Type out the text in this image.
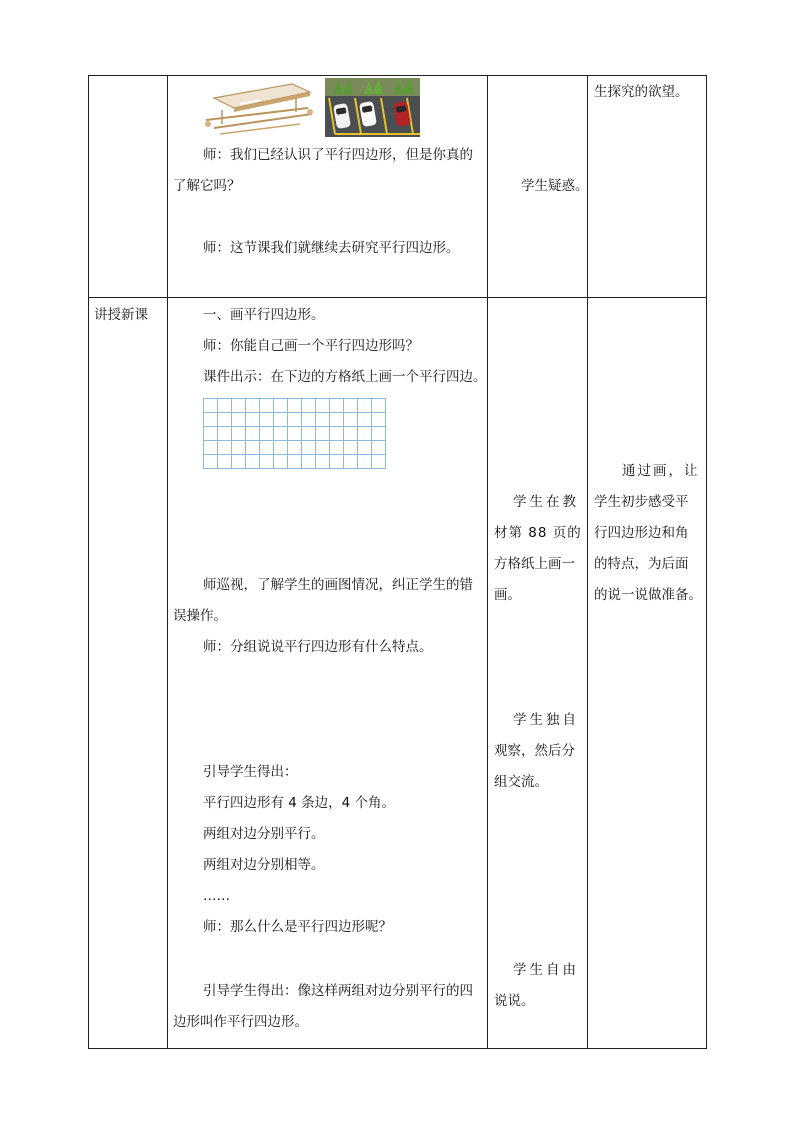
师：我们已经认识了平行四边形，但是你真的
了解它吗？
师：这节课我们就继续去研究平行四边形。
学生疑惑。
生探究的欲望。
讲授新课	一、画平行四边形。
师：你能自己画一个平行四边形吗？
课件出示：在下边的方格纸上画一个平行四边。
师巡视，了解学生的画图情况，纠正学生的错
误操作。
师：分组说说平行四边形有什么特点。
引导学生得出：
平行四边形有 4 条边，4 个角。
两组对边分别平行。
两组对边分别相等。
……
师：那么什么是平行四边形呢？
引导学生得出：像这样两组对边分别平行的四
边形叫作平行四边形。
学生在教
材第 88 页的
方格纸上画一
画。
学生独自
观察，然后分
组交流。
学生自由
说说。
通过画，让
学生初步感受平
行四边形边和角
的特点，为后面
的说一说做准备。
